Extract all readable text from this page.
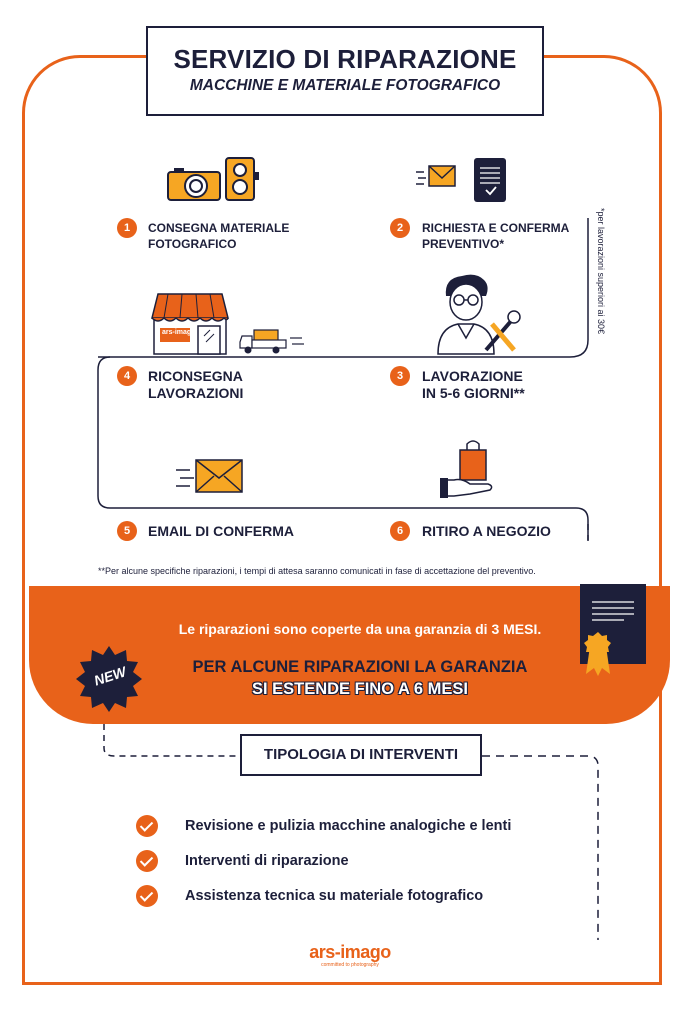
SERVIZIO DI RIPARAZIONE
MACCHINE E MATERIALE FOTOGRAFICO
1	CONSEGNA MATERIALE FOTOGRAFICO
2	RICHIESTA E CONFERMA PREVENTIVO*	*per lavorazioni superiori ai 30€
ars-imago
4	RICONSEGNA
LAVORAZIONI
3	LAVORAZIONE
IN 5-6 GIORNI**
5	EMAIL DI CONFERMA	6	RITIRO A NEGOZIO
**Per alcune specifiche riparazioni, i tempi di attesa saranno comunicati in fase di accettazione del preventivo.
Le riparazioni sono coperte da una garanzia di 3 MESI.
PER ALCUNE RIPARAZIONI LA GARANZIA
SI ESTENDE FINO A 6 MESI
NEW
TIPOLOGIA DI INTERVENTI
Revisione e pulizia macchine analogiche e lenti
Interventi di riparazione
Assistenza tecnica su materiale fotografico
ars-imago
committed to photography
